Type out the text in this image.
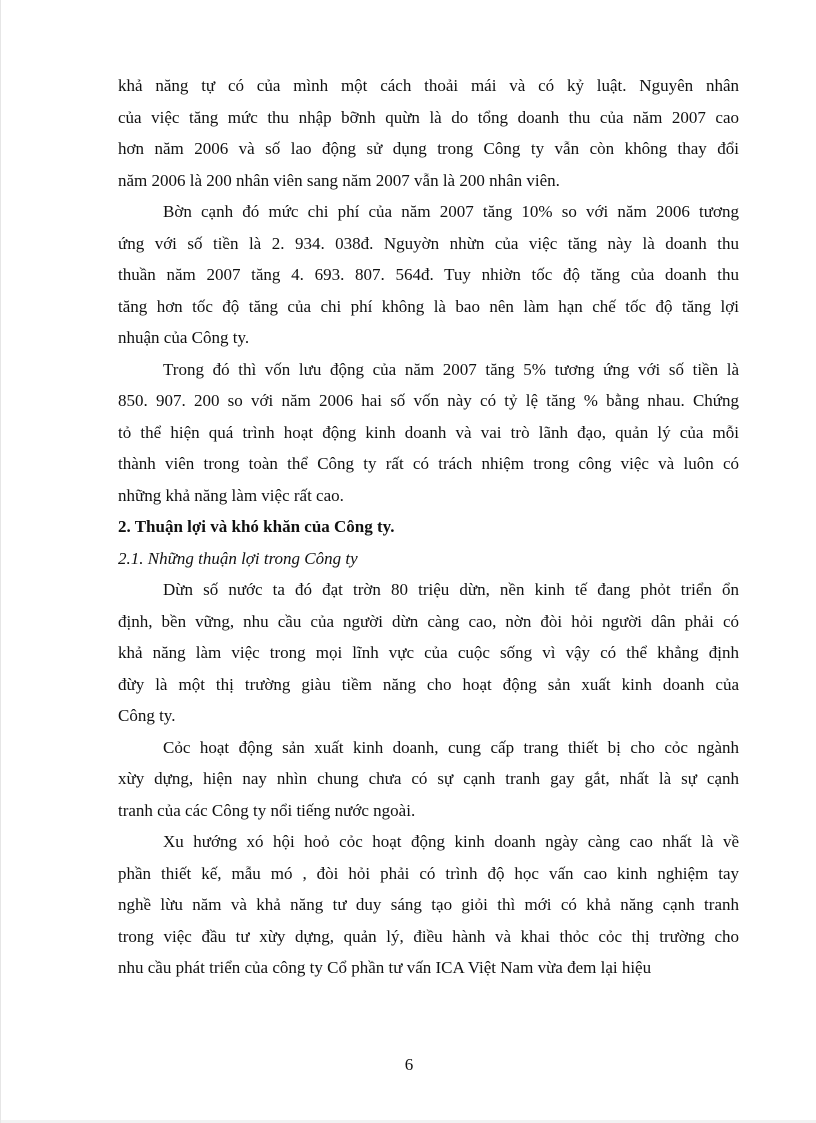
khả năng tự có của mình một cách thoải mái và có kỷ luật. Nguyên nhân
của việc tăng mức thu nhập bỡnh quừn là do tổng doanh thu của năm 2007 cao
hơn năm 2006 và số lao động sử dụng trong Công ty vẫn còn không thay đổi
năm 2006 là 200 nhân viên sang năm 2007 vẫn là 200 nhân viên.
Bờn cạnh đó mức chi phí của năm 2007 tăng 10% so với năm 2006 tương
ứng với số tiền là 2. 934. 038đ. Nguyờn nhừn của việc tăng này là doanh thu
thuần năm 2007 tăng 4. 693. 807. 564đ. Tuy nhiờn tốc độ tăng của doanh thu
tăng hơn tốc độ tăng của chi phí không là bao nên làm hạn chế tốc độ tăng lợi
nhuận của Công ty.
Trong đó thì vốn lưu động của năm 2007 tăng 5% tương ứng với số tiền là
850. 907. 200 so với năm 2006 hai số vốn này có tỷ lệ tăng % bằng nhau. Chứng
tỏ thể hiện quá trình hoạt động kinh doanh và vai trò lãnh đạo, quản lý của mỗi
thành viên trong toàn thể Công ty rất có trách nhiệm trong công việc và luôn có
những khả năng làm việc rất cao.
2. Thuận lợi và khó khăn của Công ty.
2.1. Những thuận lợi trong Công ty
Dừn số nước ta đó đạt trờn 80 triệu dừn, nền kinh tế đang phỏt triển ổn
định, bền vững, nhu cầu của người dừn càng cao, nờn đòi hỏi người dân phải có
khả năng làm việc trong mọi lĩnh vực của cuộc sống vì vậy có thể khẳng định
đừy là một thị trường giàu tiềm năng cho hoạt động sản xuất kinh doanh của
Công ty.
Cỏc hoạt động sản xuất kinh doanh, cung cấp trang thiết bị cho cỏc ngành
xừy dựng, hiện nay nhìn chung chưa có sự cạnh tranh gay gắt, nhất là sự cạnh
tranh của các Công ty nổi tiếng nước ngoài.
Xu hướng xó hội hoỏ cỏc hoạt động kinh doanh ngày càng cao nhất là về
phần thiết kế, mẫu mó , đòi hỏi phải có trình độ học vấn cao kinh nghiệm tay
nghề lừu năm và khả năng tư duy sáng tạo giỏi thì mới có khả năng cạnh tranh
trong việc đầu tư xừy dựng, quản lý, điều hành và khai thỏc cỏc thị trường cho
nhu cầu phát triển của công ty Cổ phần tư vấn ICA Việt Nam vừa đem lại hiệu
6
